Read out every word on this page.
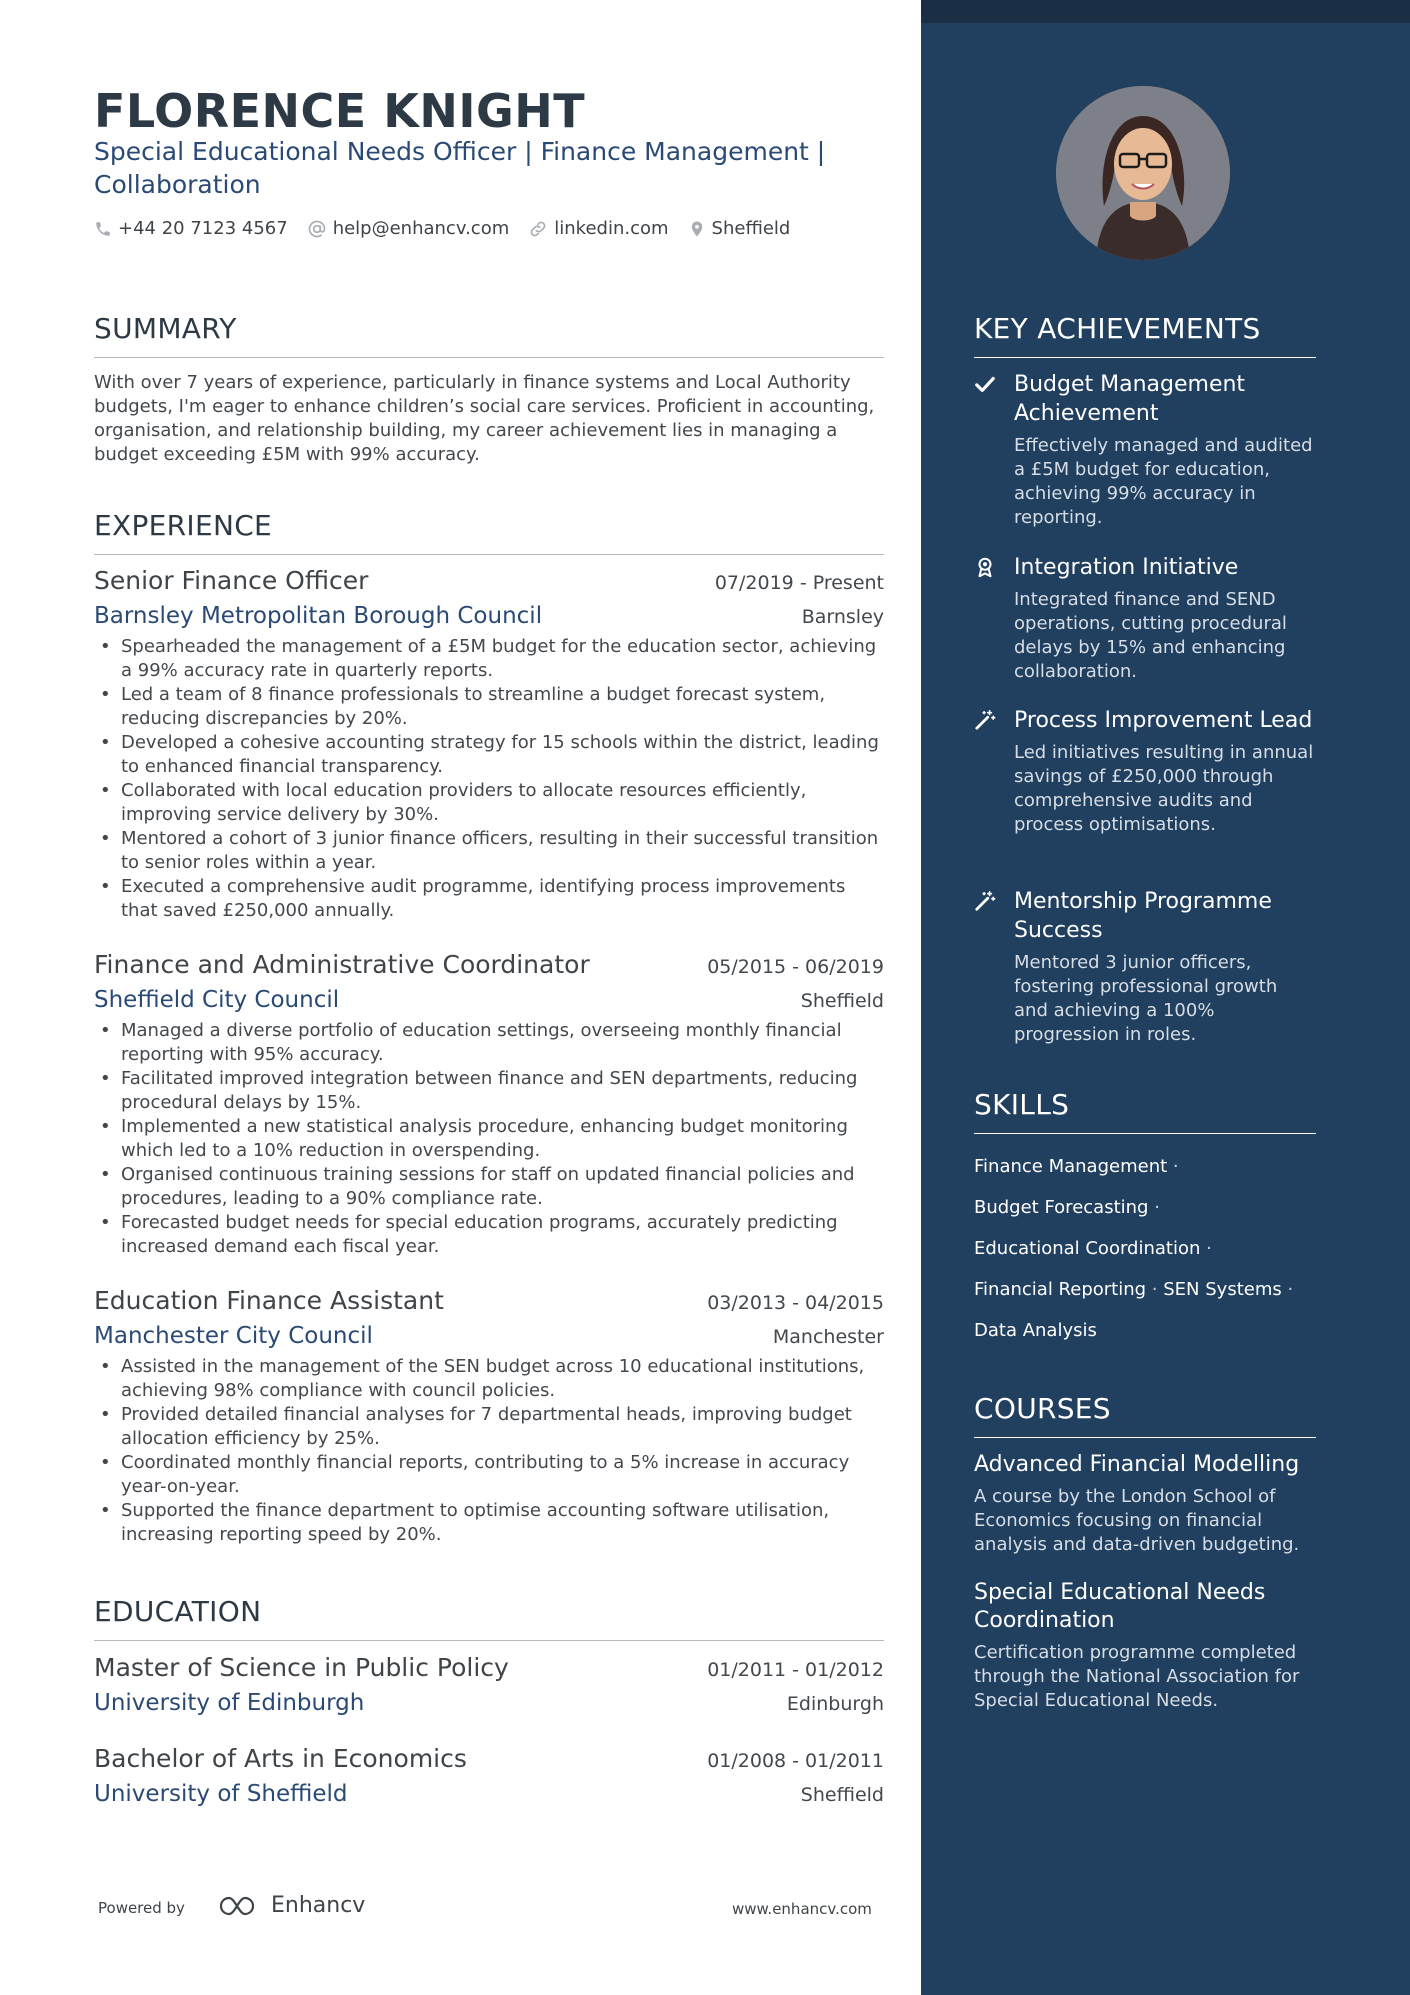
FLORENCE KNIGHT
Special Educational Needs Officer | Finance Management | Collaboration
+44 20 7123 4567	help@enhancv.com	linkedin.com Sheffield
SUMMARY
With over 7 years of experience, particularly in finance systems and Local Authority budgets, I'm eager to enhance children’s social care services. Proficient in accounting, organisation, and relationship building, my career achievement lies in managing a budget exceeding £5M with 99% accuracy.
EXPERIENCE
Senior Finance Officer	07/2019 - Present
Barnsley Metropolitan Borough Council	Barnsley
• Spearheaded the management of a £5M budget for the education sector, achieving a 99% accuracy rate in quarterly reports.
• Led a team of 8 finance professionals to streamline a budget forecast system, reducing discrepancies by 20%.
• Developed a cohesive accounting strategy for 15 schools within the district, leading to enhanced financial transparency.
• Collaborated with local education providers to allocate resources efficiently, improving service delivery by 30%.
• Mentored a cohort of 3 junior finance officers, resulting in their successful transition to senior roles within a year.
• Executed a comprehensive audit programme, identifying process improvements that saved £250,000 annually.
Finance and Administrative Coordinator	05/2015 - 06/2019
Sheffield City Council	Sheffield
• Managed a diverse portfolio of education settings, overseeing monthly financial reporting with 95% accuracy.
• Facilitated improved integration between finance and SEN departments, reducing procedural delays by 15%.
• Implemented a new statistical analysis procedure, enhancing budget monitoring which led to a 10% reduction in overspending.
• Organised continuous training sessions for staff on updated financial policies and procedures, leading to a 90% compliance rate.
• Forecasted budget needs for special education programs, accurately predicting increased demand each fiscal year.
Education Finance Assistant	03/2013 - 04/2015
Manchester City Council	Manchester
• Assisted in the management of the SEN budget across 10 educational institutions, achieving 98% compliance with council policies.
• Provided detailed financial analyses for 7 departmental heads, improving budget allocation efficiency by 25%.
• Coordinated monthly financial reports, contributing to a 5% increase in accuracy year-on-year.
• Supported the finance department to optimise accounting software utilisation, increasing reporting speed by 20%.
EDUCATION
Master of Science in Public Policy	01/2011 - 01/2012
University of Edinburgh	Edinburgh
Bachelor of Arts in Economics	01/2008 - 01/2011
University of Sheffield	Sheffield
Powered by	Enhancv	www.enhancv.com
KEY ACHIEVEMENTS
Budget Management Achievement
Effectively managed and audited a £5M budget for education, achieving 99% accuracy in reporting.
Integration Initiative
Integrated finance and SEND operations, cutting procedural delays by 15% and enhancing collaboration.
Process Improvement Lead
Led initiatives resulting in annual savings of £250,000 through comprehensive audits and process optimisations.
Mentorship Programme Success
Mentored 3 junior officers, fostering professional growth and achieving a 100% progression in roles.
SKILLS
Finance Management ·
Budget Forecasting ·
Educational Coordination ·
Financial Reporting · SEN Systems ·
Data Analysis
COURSES
Advanced Financial Modelling
A course by the London School of Economics focusing on financial analysis and data-driven budgeting.
Special Educational Needs Coordination
Certification programme completed through the National Association for Special Educational Needs.
